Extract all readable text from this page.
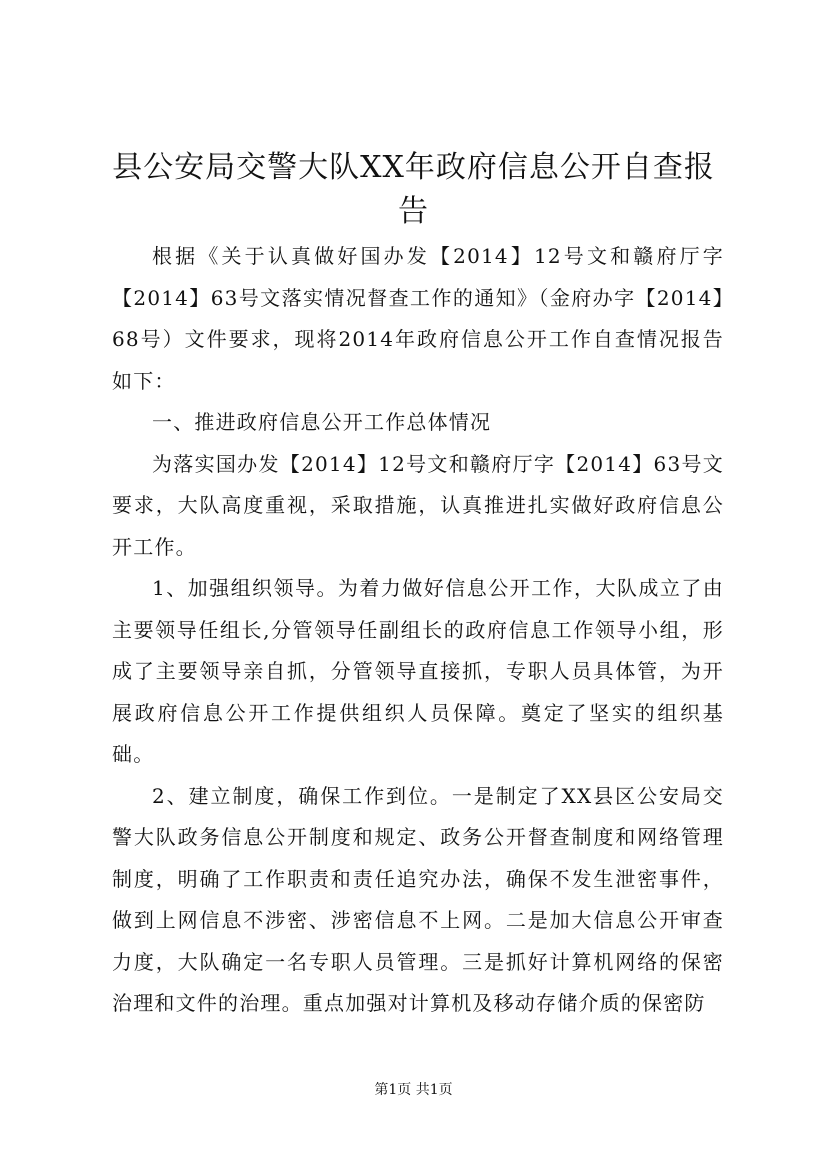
县公安局交警大队XX年政府信息公开自查报告

根据《关于认真做好国办发【2014】12号文和赣府厅字【2014】63号文落实情况督查工作的通知》（金府办字【2014】68号）文件要求，现将2014年政府信息公开工作自查情况报告如下：

一、推进政府信息公开工作总体情况

为落实国办发【2014】12号文和赣府厅字【2014】63号文要求，大队高度重视，采取措施，认真推进扎实做好政府信息公开工作。

1、加强组织领导。为着力做好信息公开工作，大队成立了由主要领导任组长,分管领导任副组长的政府信息工作领导小组，形成了主要领导亲自抓，分管领导直接抓，专职人员具体管，为开展政府信息公开工作提供组织人员保障。奠定了坚实的组织基础。

2、建立制度，确保工作到位。一是制定了XX县区公安局交警大队政务信息公开制度和规定、政务公开督查制度和网络管理制度，明确了工作职责和责任追究办法，确保不发生泄密事件，做到上网信息不涉密、涉密信息不上网。二是加大信息公开审查力度，大队确定一名专职人员管理。三是抓好计算机网络的保密治理和文件的治理。重点加强对计算机及移动存储介质的保密防

第1页 共1页
